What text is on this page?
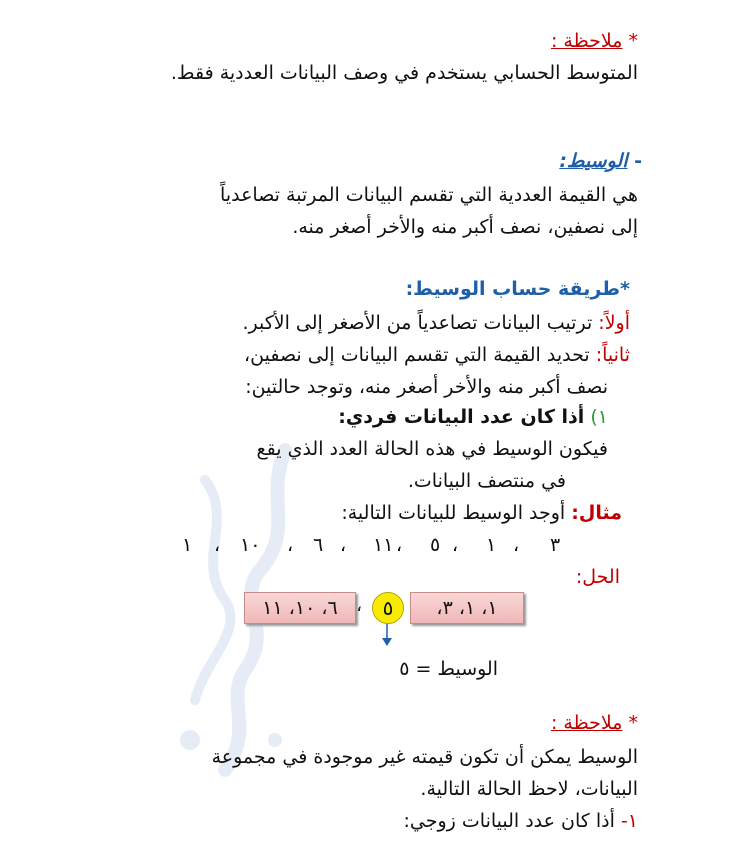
* ملاحظة :
المتوسط الحسابي يستخدم في وصف البيانات العددية فقط.
- الوسيط:
هي القيمة العددية التي تقسم البيانات المرتبة تصاعدياً
إلى نصفين، نصف أكبر منه والأخر أصغر منه.
*طريقة حساب الوسيط:
أولاً: ترتيب البيانات تصاعدياً من الأصغر إلى الأكبر.
ثانياً: تحديد القيمة التي تقسم البيانات إلى نصفين،
نصف أكبر منه والأخر أصغر منه، وتوجد حالتين:
١) أذا كان عدد البيانات فردي:
فيكون الوسيط في هذه الحالة العدد الذي يقع
في منتصف البيانات.
مثال: أوجد الوسيط للبيانات التالية:
٣
،
١
،
٥
،
١١
،
٦
،
١٠
،
١
الحل:
١، ١، ٣،
٥
،
٦، ١٠، ١١
الوسيط = ٥
* ملاحظة :
الوسيط يمكن أن تكون قيمته غير موجودة في مجموعة
البيانات، لاحظ الحالة التالية.
١- أذا كان عدد البيانات زوجي:
